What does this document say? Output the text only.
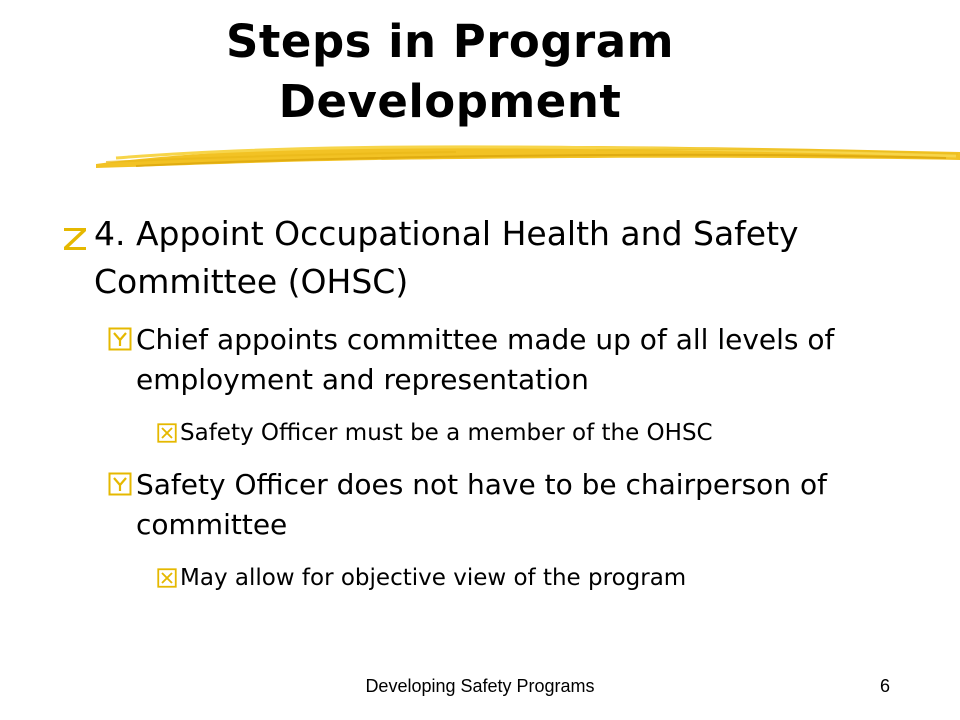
Steps in Program
Development
4. Appoint Occupational Health and Safety Committee (OHSC)
Chief appoints committee made up of all levels of employment and representation
Safety Officer must be a member of the OHSC
Safety Officer does not have to be chairperson of committee
May allow for objective view of the program
Developing Safety Programs	6
